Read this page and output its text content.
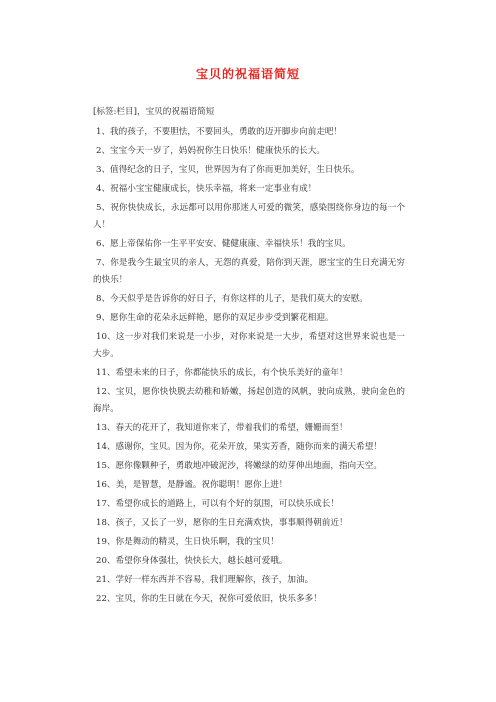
宝贝的祝福语简短

[标签:栏目]，宝贝的祝福语简短

1、我的孩子，不要胆怯，不要回头，勇敢的迈开脚步向前走吧！

2、宝宝今天一岁了，妈妈祝你生日快乐！健康快乐的长大。

3、值得纪念的日子，宝贝，世界因为有了你而更加美好，生日快乐。

4、祝福小宝宝健康成长，快乐幸福，将来一定事业有成！

5、祝你快快成长，永远都可以用你那迷人可爱的微笑，感染围绕你身边的每一个人！

6、愿上帝保佑你一生平平安安、健健康康、幸福快乐！我的宝贝。

7、你是我今生最宝贝的亲人，无怨的真爱，陪你到天涯，愿宝宝的生日充满无穷的快乐！

8、今天似乎是告诉你的好日子，有你这样的儿子，是我们莫大的安慰。

9、愿你生命的花朵永远鲜艳，愿你的双足步步受到繁花相迎。

10、这一步对我们来说是一小步，对你来说是一大步，希望对这世界来说也是一大步。

11、希望未来的日子，你都能快乐的成长，有个快乐美好的童年！

12、宝贝，愿你快快脱去幼稚和娇嫩，扬起创造的风帆，驶向成熟，驶向金色的海岸。

13、春天的花开了，我知道你来了，带着我们的希望，姗姗而至！

14、感谢你，宝贝。因为你，花朵开放，果实芳香，随你而来的满天希望！

15、愿你像颗种子，勇敢地冲破泥沙，将嫩绿的幼芽伸出地面，指向天空。

16、美，是智慧，是静谧。祝你聪明！愿你上进！

17、希望你成长的道路上，可以有个好的氛围，可以快乐成长！

18、孩子，又长了一岁，愿你的生日充满欢快，事事顺得朝前近！

19、你是舞动的精灵，生日快乐啊，我的宝贝！

20、希望你身体强壮，快快长大，越长越可爱哦。

21、学好一样东西并不容易，我们理解你，孩子，加油。

22、宝贝，你的生日就在今天，祝你可爱依旧，快乐多多！
